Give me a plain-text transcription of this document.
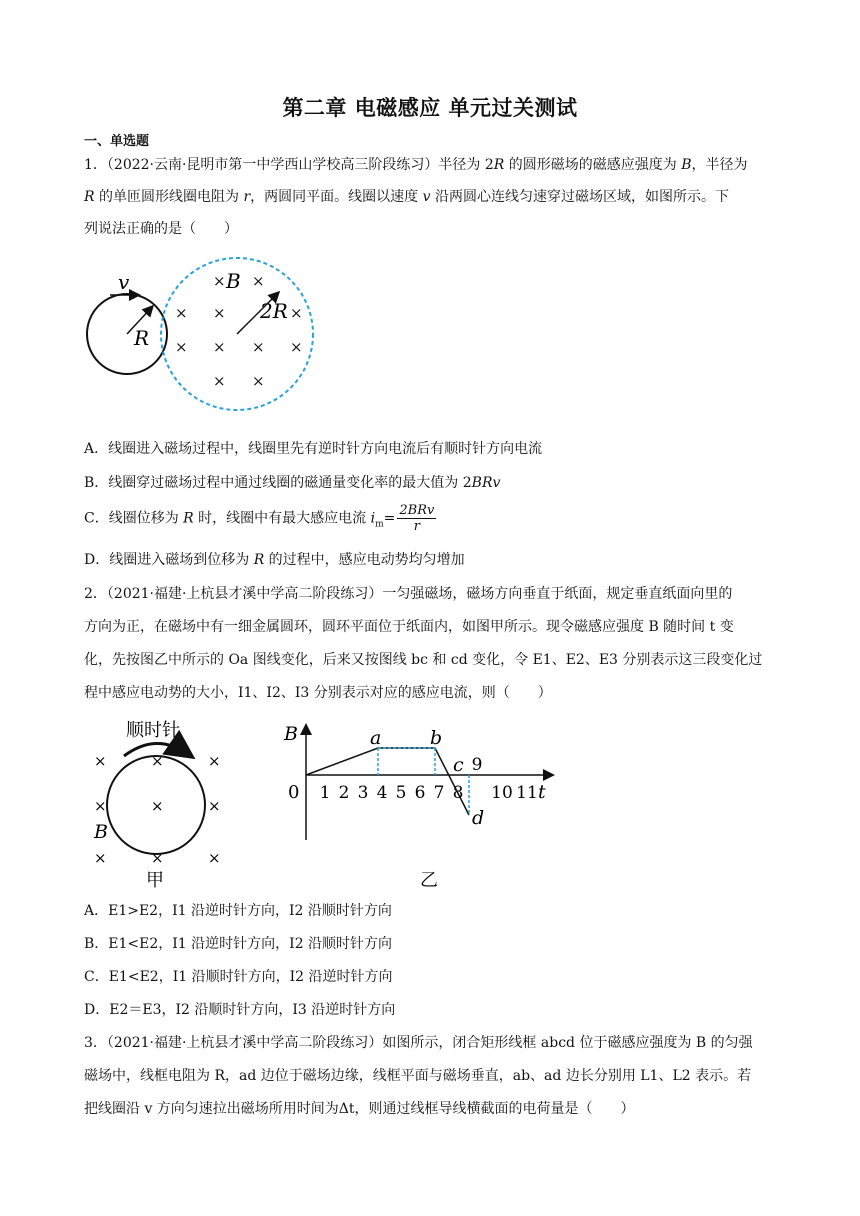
第二章 电磁感应 单元过关测试
一、单选题
1．（2022·云南·昆明市第一中学西山学校高三阶段练习）半径为 2R 的圆形磁场的磁感应强度为 B，半径为
R 的单匝圆形线圈电阻为 r，两圆同平面。线圈以速度 v 沿两圆心连线匀速穿过磁场区域，如图所示。下
列说法正确的是（　　）
v
R
B
2R
× ×
× ×	×
× × × ×
× ×
A．线圈进入磁场过程中，线圈里先有逆时针方向电流后有顺时针方向电流
B．线圈穿过磁场过程中通过线圈的磁通量变化率的最大值为 2BRv
C．线圈位移为 R 时，线圈中有最大感应电流 $i_m= \frac{\text{2BRv}}{r}$
D．线圈进入磁场到位移为 R 的过程中，感应电动势均匀增加
2．（2021·福建·上杭县才溪中学高二阶段练习）一匀强磁场，磁场方向垂直于纸面，规定垂直纸面向里的
方向为正，在磁场中有一细金属圆环，圆环平面位于纸面内，如图甲所示。现令磁感应强度 B 随时间 t 变
化，先按图乙中所示的 Oa 图线变化，后来又按图线 bc 和 cd 变化，令 E1、E2、E3 分别表示这三段变化过
程中感应电动势的大小，I1、I2、I3 分别表示对应的感应电流，则（　　）
顺时针
×	×	×
×	×	×
×	×	×
B
甲
B
0 1 2 3 4 5 6 7 8
9
10 11
a	b
c
d
t
乙
A．E1>E2，I1 沿逆时针方向，I2 沿顺时针方向
B．E1<E2，I1 沿逆时针方向，I2 沿顺时针方向
C．E1<E2，I1 沿顺时针方向，I2 沿逆时针方向
D．E2＝E3，I2 沿顺时针方向，I3 沿逆时针方向
3．（2021·福建·上杭县才溪中学高二阶段练习）如图所示，闭合矩形线框 abcd 位于磁感应强度为 B 的匀强
磁场中，线框电阻为 R，ad 边位于磁场边缘，线框平面与磁场垂直，ab、ad 边长分别用 L1、L2 表示。若
把线圈沿 v 方向匀速拉出磁场所用时间为Δt，则通过线框导线横截面的电荷量是（　　）
